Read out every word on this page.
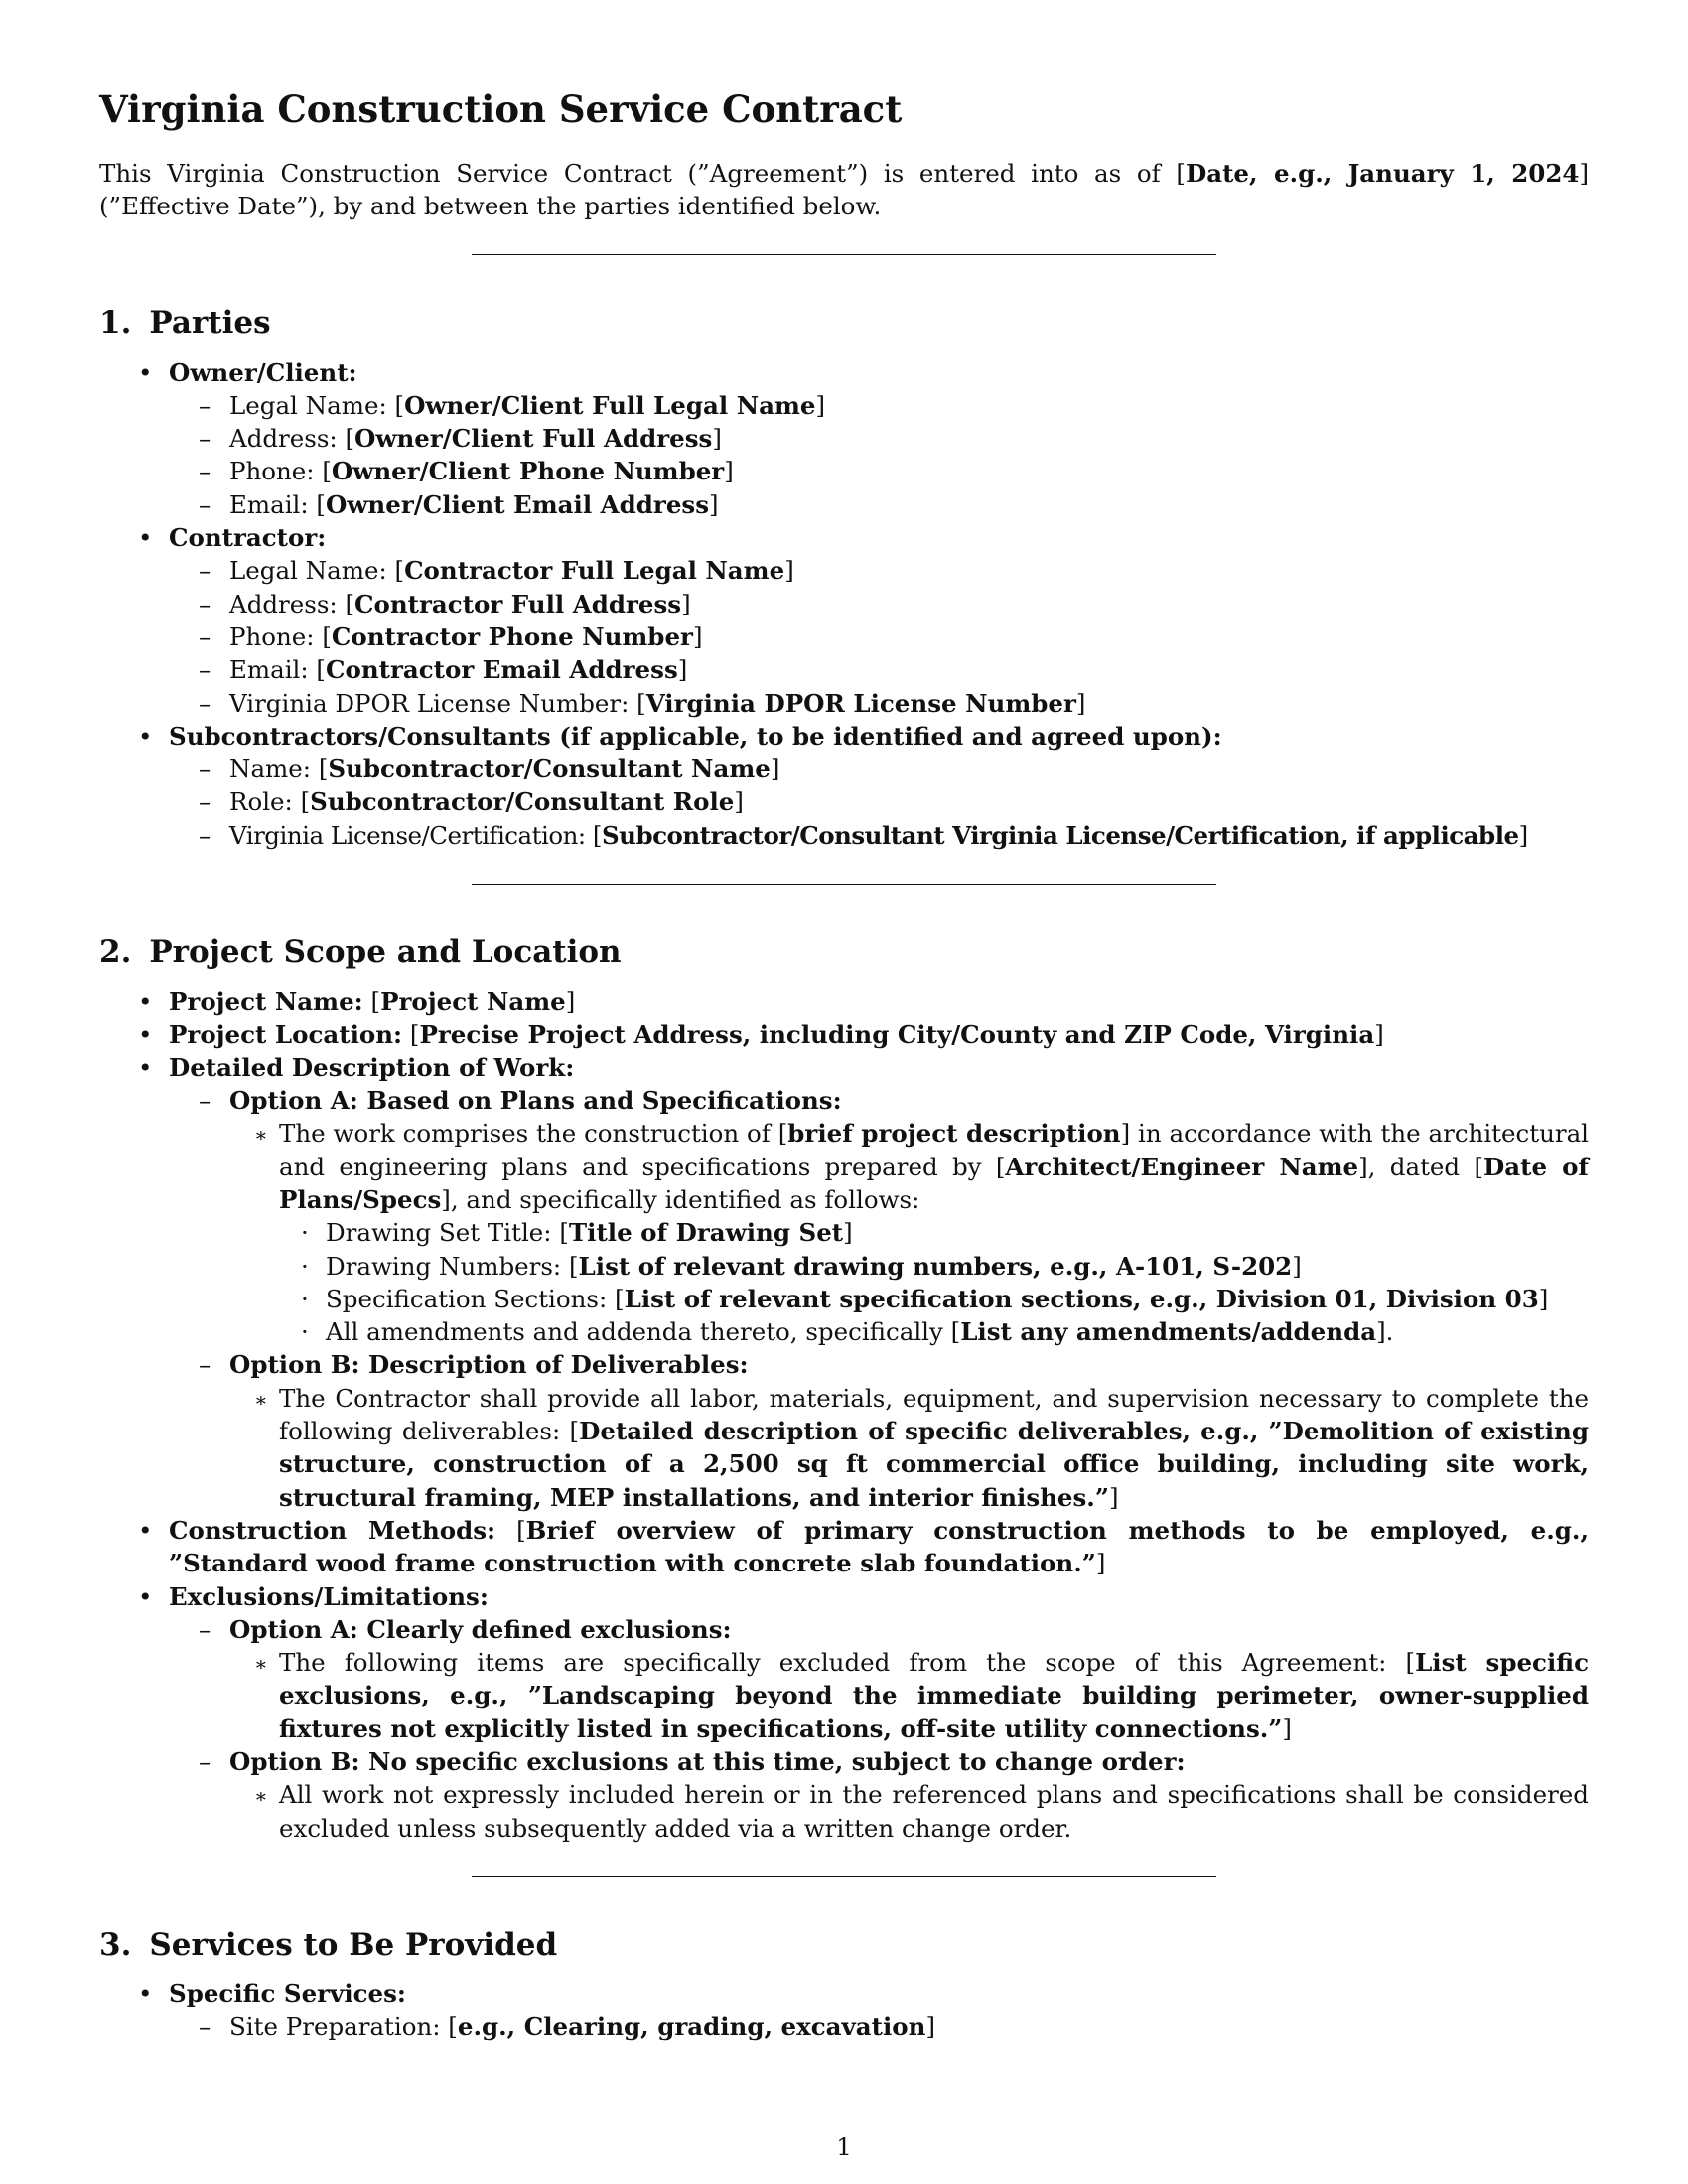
Virginia Construction Service Contract

This Virginia Construction Service Contract (”Agreement”) is entered into as of [Date, e.g., January 1, 2024] (”Effective Date”), by and between the parties identified below.

1. Parties
• Owner/Client:
– Legal Name: [Owner/Client Full Legal Name]
– Address: [Owner/Client Full Address]
– Phone: [Owner/Client Phone Number]
– Email: [Owner/Client Email Address]
• Contractor:
– Legal Name: [Contractor Full Legal Name]
– Address: [Contractor Full Address]
– Phone: [Contractor Phone Number]
– Email: [Contractor Email Address]
– Virginia DPOR License Number: [Virginia DPOR License Number]
• Subcontractors/Consultants (if applicable, to be identified and agreed upon):
– Name: [Subcontractor/Consultant Name]
– Role: [Subcontractor/Consultant Role]
– Virginia License/Certification: [Subcontractor/Consultant Virginia License/Certification, if applicable]
2. Project Scope and Location
• Project Name: [Project Name]
• Project Location: [Precise Project Address, including City/County and ZIP Code, Virginia]
• Detailed Description of Work:
– Option A: Based on Plans and Specifications:
∗ The work comprises the construction of [brief project description] in accordance with the architectural and engineering plans and specifications prepared by [Architect/Engineer Name], dated [Date of Plans/Specs], and specifically identified as follows:
· Drawing Set Title: [Title of Drawing Set]
· Drawing Numbers: [List of relevant drawing numbers, e.g., A-101, S-202]
· Specification Sections: [List of relevant specification sections, e.g., Division 01, Division 03]
· All amendments and addenda thereto, specifically [List any amendments/addenda].
– Option B: Description of Deliverables:
∗ The Contractor shall provide all labor, materials, equipment, and supervision necessary to complete the following deliverables: [Detailed description of specific deliverables, e.g., ”Demolition of existing structure, construction of a 2,500 sq ft commercial office building, including site work, structural framing, MEP installations, and interior finishes.”]
• Construction Methods: [Brief overview of primary construction methods to be employed, e.g., ”Standard wood frame construction with concrete slab foundation.”]
• Exclusions/Limitations:
– Option A: Clearly defined exclusions:
∗ The following items are specifically excluded from the scope of this Agreement: [List specific exclusions, e.g., ”Landscaping beyond the immediate building perimeter, owner-supplied fixtures not explicitly listed in specifications, off-site utility connections.”]
– Option B: No specific exclusions at this time, subject to change order:
∗ All work not expressly included herein or in the referenced plans and specifications shall be considered excluded unless subsequently added via a written change order.
3. Services to Be Provided
• Specific Services:
– Site Preparation: [e.g., Clearing, grading, excavation]
1
